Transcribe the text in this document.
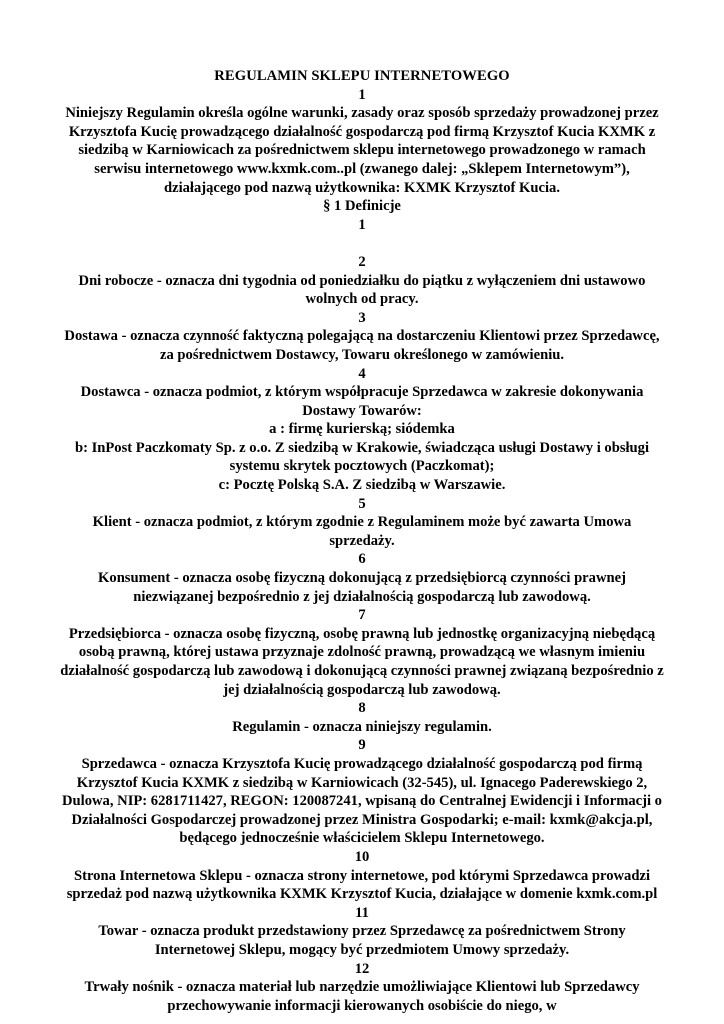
REGULAMIN SKLEPU INTERNETOWEGO

1

Niniejszy Regulamin określa ogólne warunki, zasady oraz sposób sprzedaży prowadzonej przez Krzysztofa Kucię prowadzącego działalność gospodarczą pod firmą Krzysztof Kucia KXMK z siedzibą w Karniowicach za pośrednictwem sklepu internetowego prowadzonego w ramach serwisu internetowego www.kxmk.com..pl (zwanego dalej: „Sklepem Internetowym”), działającego pod nazwą użytkownika: KXMK Krzysztof Kucia.

§ 1 Definicje

1

2

Dni robocze - oznacza dni tygodnia od poniedziałku do piątku z wyłączeniem dni ustawowo wolnych od pracy.

3

Dostawa - oznacza czynność faktyczną polegającą na dostarczeniu Klientowi przez Sprzedawcę, za pośrednictwem Dostawcy, Towaru określonego w zamówieniu.

4

Dostawca - oznacza podmiot, z którym współpracuje Sprzedawca w zakresie dokonywania Dostawy Towarów:

a : firmę kurierską; siódemka

b: InPost Paczkomaty Sp. z o.o. Z siedzibą w Krakowie, świadcząca usługi Dostawy i obsługi systemu skrytek pocztowych (Paczkomat);

c: Pocztę Polską S.A. Z siedzibą w Warszawie.

5

Klient - oznacza podmiot, z którym zgodnie z Regulaminem może być zawarta Umowa sprzedaży.

6

Konsument - oznacza osobę fizyczną dokonującą z przedsiębiorcą czynności prawnej niezwiązanej bezpośrednio z jej działalnością gospodarczą lub zawodową.

7

Przedsiębiorca - oznacza osobę fizyczną, osobę prawną lub jednostkę organizacyjną niebędącą osobą prawną, której ustawa przyznaje zdolność prawną, prowadzącą we własnym imieniu działalność gospodarczą lub zawodową i dokonującą czynności prawnej związaną bezpośrednio z jej działalnością gospodarczą lub zawodową.

8

Regulamin - oznacza niniejszy regulamin.

9

Sprzedawca - oznacza Krzysztofa Kucię prowadzącego działalność gospodarczą pod firmą Krzysztof Kucia KXMK z siedzibą w Karniowicach (32-545), ul. Ignacego Paderewskiego 2, Dulowa, NIP: 6281711427, REGON: 120087241, wpisaną do Centralnej Ewidencji i Informacji o Działalności Gospodarczej prowadzonej przez Ministra Gospodarki; e-mail: kxmk@akcja.pl, będącego jednocześnie właścicielem Sklepu Internetowego.

10

Strona Internetowa Sklepu - oznacza strony internetowe, pod którymi Sprzedawca prowadzi sprzedaż pod nazwą użytkownika KXMK Krzysztof Kucia, działające w domenie kxmk.com.pl

11

Towar - oznacza produkt przedstawiony przez Sprzedawcę za pośrednictwem Strony Internetowej Sklepu, mogący być przedmiotem Umowy sprzedaży.

12

Trwały nośnik - oznacza materiał lub narzędzie umożliwiające Klientowi lub Sprzedawcy przechowywanie informacji kierowanych osobiście do niego, w
